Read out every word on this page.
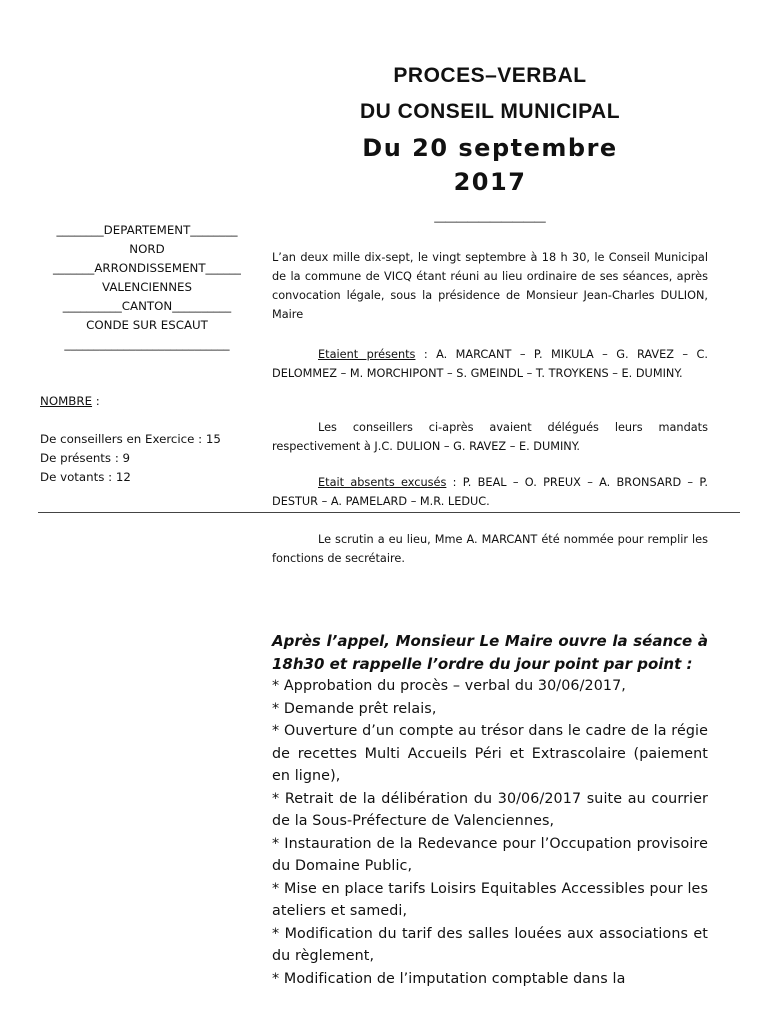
PROCES–VERBAL
DU CONSEIL MUNICIPAL
Du 20 septembre
2017
__________
________DEPARTEMENT________
NORD
_______ARRONDISSEMENT______
VALENCIENNES
__________CANTON__________
CONDE SUR ESCAUT
____________________________
NOMBRE :
De conseillers en Exercice : 15
De présents : 9
De votants : 12
L’an deux mille dix-sept, le vingt septembre à 18 h 30, le Conseil Municipal de la commune de VICQ étant réuni au lieu ordinaire de ses séances, après convocation légale, sous la présidence de Monsieur Jean-Charles DULION, Maire
Etaient présents : A. MARCANT – P. MIKULA – G. RAVEZ – C. DELOMMEZ – M. MORCHIPONT – S. GMEINDL – T. TROYKENS – E. DUMINY.
Les conseillers ci-après avaient délégués leurs mandats respectivement à J.C. DULION – G. RAVEZ – E. DUMINY.
Etait absents excusés : P. BEAL – O. PREUX – A. BRONSARD – P. DESTUR – A. PAMELARD – M.R. LEDUC.
Le scrutin a eu lieu, Mme A. MARCANT été nommée pour remplir les fonctions de secrétaire.
Après l’appel, Monsieur Le Maire ouvre la séance à 18h30 et rappelle l’ordre du jour point par point :
* Approbation du procès – verbal du 30/06/2017,
* Demande prêt relais,
* Ouverture d’un compte au trésor dans le cadre de la régie de recettes Multi Accueils Péri et Extrascolaire (paiement en ligne),
* Retrait de la délibération du 30/06/2017 suite au courrier de la Sous-Préfecture de Valenciennes,
* Instauration de la Redevance pour l’Occupation provisoire du Domaine Public,
* Mise en place tarifs Loisirs Equitables Accessibles pour les ateliers et samedi,
* Modification du tarif des salles louées aux associations et du règlement,
* Modification de l’imputation comptable dans la
